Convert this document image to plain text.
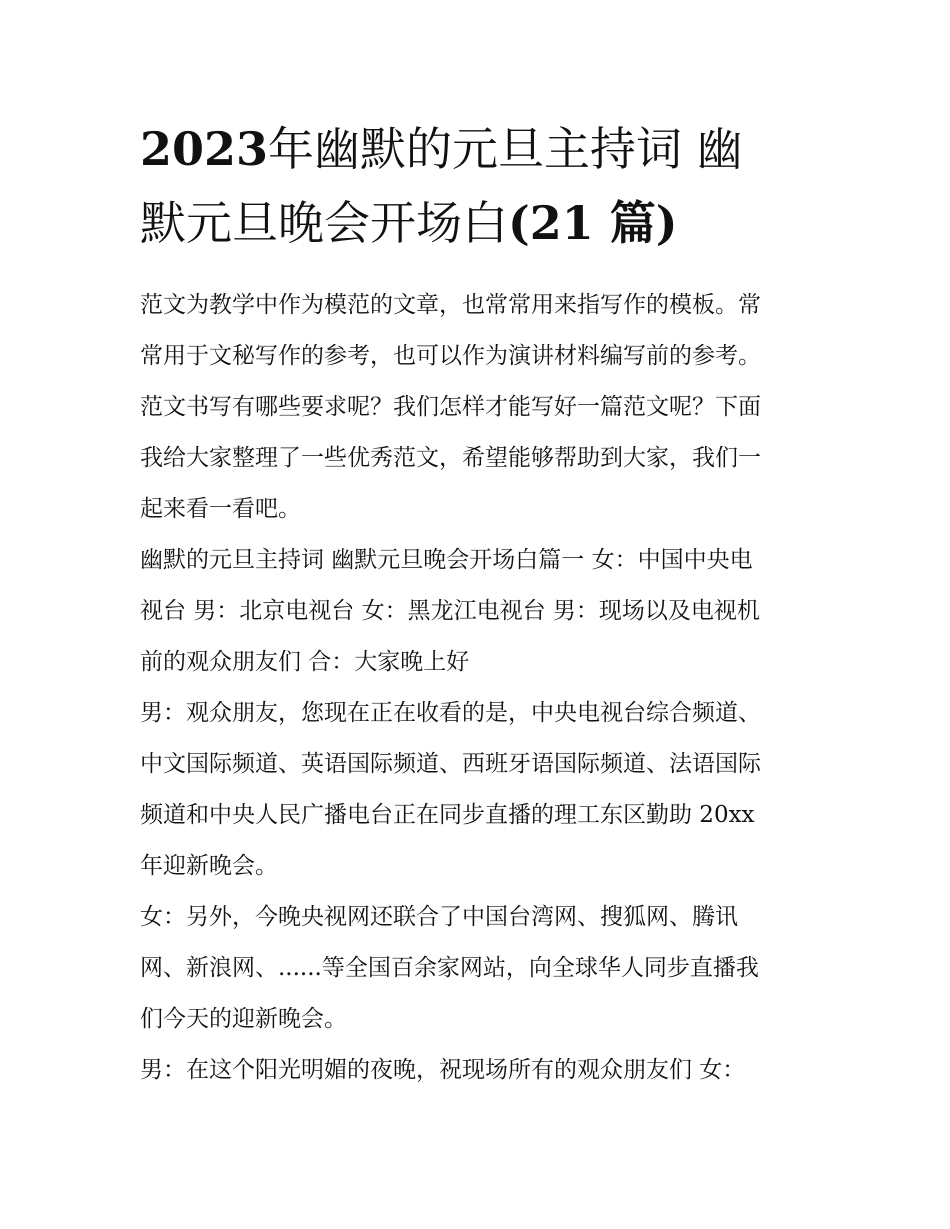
2023年幽默的元旦主持词 幽
默元旦晚会开场白(21 篇)

范文为教学中作为模范的文章，也常常用来指写作的模板。常
常用于文秘写作的参考，也可以作为演讲材料编写前的参考。
范文书写有哪些要求呢？我们怎样才能写好一篇范文呢？下面
我给大家整理了一些优秀范文，希望能够帮助到大家，我们一
起来看一看吧。

幽默的元旦主持词 幽默元旦晚会开场白篇一 女：中国中央电
视台 男：北京电视台 女：黑龙江电视台 男：现场以及电视机
前的观众朋友们 合：大家晚上好

男：观众朋友，您现在正在收看的是，中央电视台综合频道、
中文国际频道、英语国际频道、西班牙语国际频道、法语国际
频道和中央人民广播电台正在同步直播的理工东区勤助 20xx
年迎新晚会。

女：另外，今晚央视网还联合了中国台湾网、搜狐网、腾讯
网、新浪网、......等全国百余家网站，向全球华人同步直播我
们今天的迎新晚会。

男：在这个阳光明媚的夜晚，祝现场所有的观众朋友们 女：
